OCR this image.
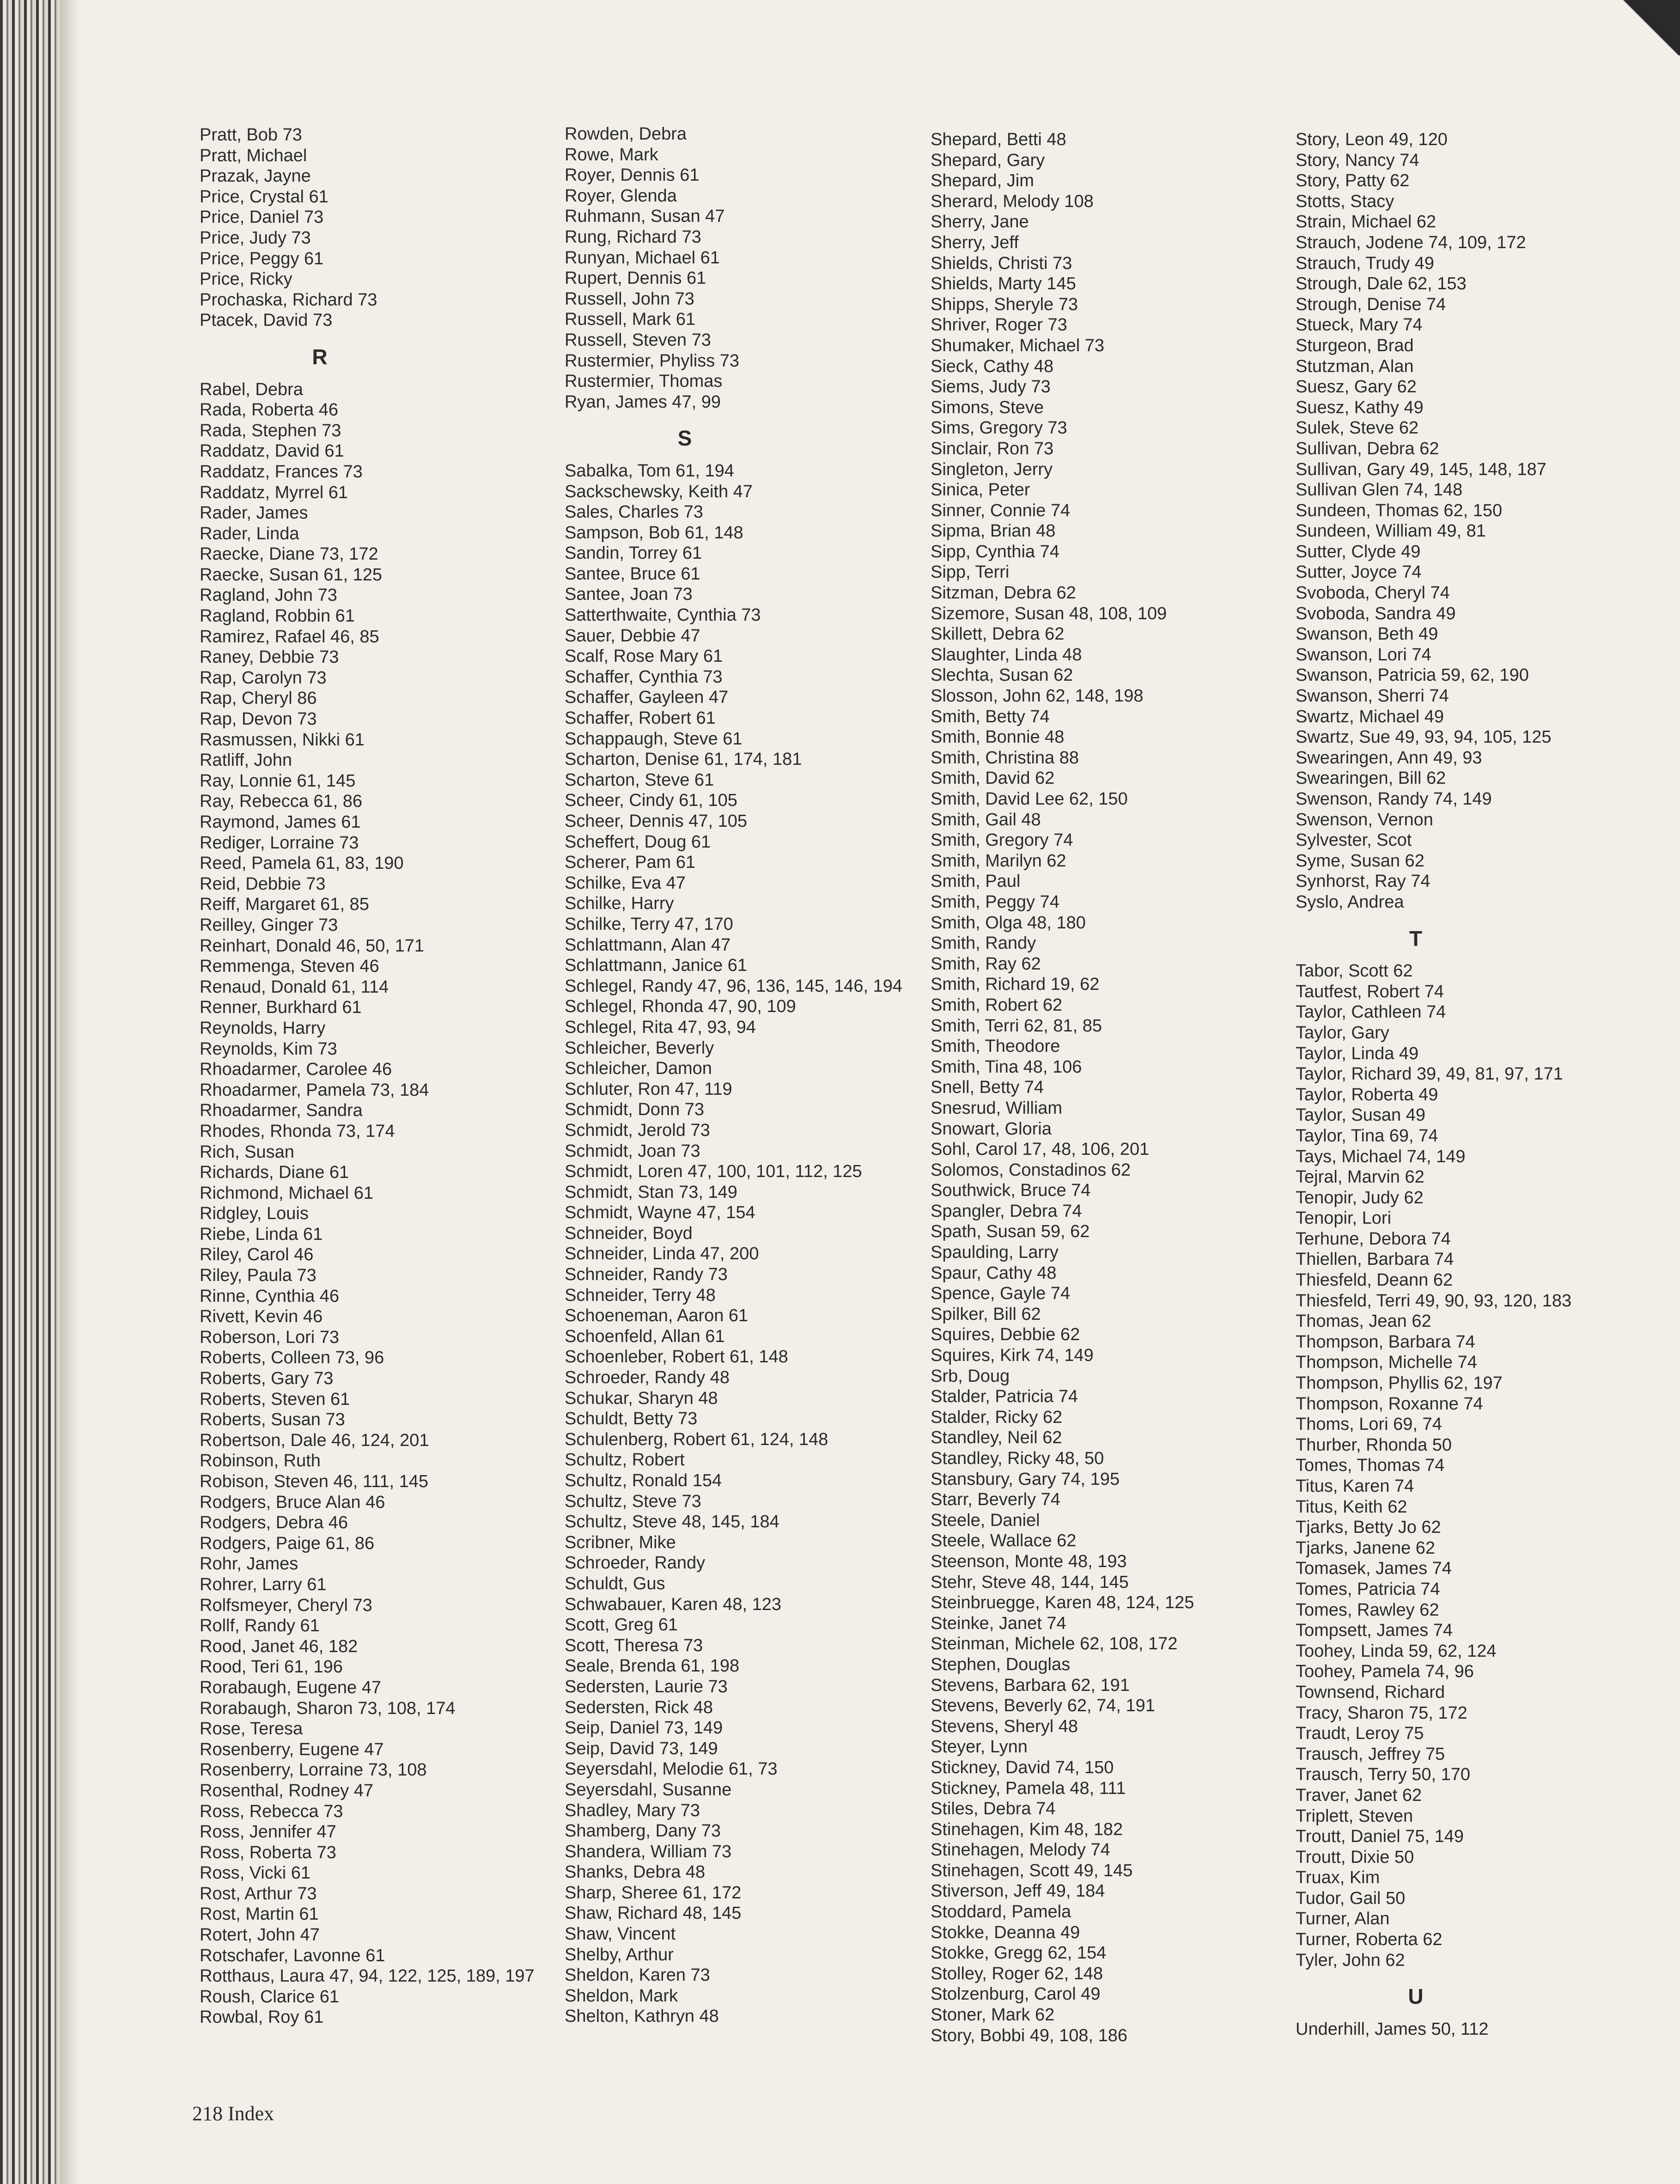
Pratt, Bob 73
Pratt, Michael
Prazak, Jayne
Price, Crystal 61
Price, Daniel 73
Price, Judy 73
Price, Peggy 61
Price, Ricky
Prochaska, Richard 73
Ptacek, David 73
R
Rabel, Debra
Rada, Roberta 46
Rada, Stephen 73
Raddatz, David 61
Raddatz, Frances 73
Raddatz, Myrrel 61
Rader, James
Rader, Linda
Raecke, Diane 73, 172
Raecke, Susan 61, 125
Ragland, John 73
Ragland, Robbin 61
Ramirez, Rafael 46, 85
Raney, Debbie 73
Rap, Carolyn 73
Rap, Cheryl 86
Rap, Devon 73
Rasmussen, Nikki 61
Ratliff, John
Ray, Lonnie 61, 145
Ray, Rebecca 61, 86
Raymond, James 61
Rediger, Lorraine 73
Reed, Pamela 61, 83, 190
Reid, Debbie 73
Reiff, Margaret 61, 85
Reilley, Ginger 73
Reinhart, Donald 46, 50, 171
Remmenga, Steven 46
Renaud, Donald 61, 114
Renner, Burkhard 61
Reynolds, Harry
Reynolds, Kim 73
Rhoadarmer, Carolee 46
Rhoadarmer, Pamela 73, 184
Rhoadarmer, Sandra
Rhodes, Rhonda 73, 174
Rich, Susan
Richards, Diane 61
Richmond, Michael 61
Ridgley, Louis
Riebe, Linda 61
Riley, Carol 46
Riley, Paula 73
Rinne, Cynthia 46
Rivett, Kevin 46
Roberson, Lori 73
Roberts, Colleen 73, 96
Roberts, Gary 73
Roberts, Steven 61
Roberts, Susan 73
Robertson, Dale 46, 124, 201
Robinson, Ruth
Robison, Steven 46, 111, 145
Rodgers, Bruce Alan 46
Rodgers, Debra 46
Rodgers, Paige 61, 86
Rohr, James
Rohrer, Larry 61
Rolfsmeyer, Cheryl 73
Rollf, Randy 61
Rood, Janet 46, 182
Rood, Teri 61, 196
Rorabaugh, Eugene 47
Rorabaugh, Sharon 73, 108, 174
Rose, Teresa
Rosenberry, Eugene 47
Rosenberry, Lorraine 73, 108
Rosenthal, Rodney 47
Ross, Rebecca 73
Ross, Jennifer 47
Ross, Roberta 73
Ross, Vicki 61
Rost, Arthur 73
Rost, Martin 61
Rotert, John 47
Rotschafer, Lavonne 61
Rotthaus, Laura 47, 94, 122, 125, 189, 197
Roush, Clarice 61
Rowbal, Roy 61
Rowden, Debra
Rowe, Mark
Royer, Dennis 61
Royer, Glenda
Ruhmann, Susan 47
Rung, Richard 73
Runyan, Michael 61
Rupert, Dennis 61
Russell, John 73
Russell, Mark 61
Russell, Steven 73
Rustermier, Phyliss 73
Rustermier, Thomas
Ryan, James 47, 99
S
Sabalka, Tom 61, 194
Sackschewsky, Keith 47
Sales, Charles 73
Sampson, Bob 61, 148
Sandin, Torrey 61
Santee, Bruce 61
Santee, Joan 73
Satterthwaite, Cynthia 73
Sauer, Debbie 47
Scalf, Rose Mary 61
Schaffer, Cynthia 73
Schaffer, Gayleen 47
Schaffer, Robert 61
Schappaugh, Steve 61
Scharton, Denise 61, 174, 181
Scharton, Steve 61
Scheer, Cindy 61, 105
Scheer, Dennis 47, 105
Scheffert, Doug 61
Scherer, Pam 61
Schilke, Eva 47
Schilke, Harry
Schilke, Terry 47, 170
Schlattmann, Alan 47
Schlattmann, Janice 61
Schlegel, Randy 47, 96, 136, 145, 146, 194
Schlegel, Rhonda 47, 90, 109
Schlegel, Rita 47, 93, 94
Schleicher, Beverly
Schleicher, Damon
Schluter, Ron 47, 119
Schmidt, Donn 73
Schmidt, Jerold 73
Schmidt, Joan 73
Schmidt, Loren 47, 100, 101, 112, 125
Schmidt, Stan 73, 149
Schmidt, Wayne 47, 154
Schneider, Boyd
Schneider, Linda 47, 200
Schneider, Randy 73
Schneider, Terry 48
Schoeneman, Aaron 61
Schoenfeld, Allan 61
Schoenleber, Robert 61, 148
Schroeder, Randy 48
Schukar, Sharyn 48
Schuldt, Betty 73
Schulenberg, Robert 61, 124, 148
Schultz, Robert
Schultz, Ronald 154
Schultz, Steve 73
Schultz, Steve 48, 145, 184
Scribner, Mike
Schroeder, Randy
Schuldt, Gus
Schwabauer, Karen 48, 123
Scott, Greg 61
Scott, Theresa 73
Seale, Brenda 61, 198
Sedersten, Laurie 73
Sedersten, Rick 48
Seip, Daniel 73, 149
Seip, David 73, 149
Seyersdahl, Melodie 61, 73
Seyersdahl, Susanne
Shadley, Mary 73
Shamberg, Dany 73
Shandera, William 73
Shanks, Debra 48
Sharp, Sheree 61, 172
Shaw, Richard 48, 145
Shaw, Vincent
Shelby, Arthur
Sheldon, Karen 73
Sheldon, Mark
Shelton, Kathryn 48
Shepard, Betti 48
Shepard, Gary
Shepard, Jim
Sherard, Melody 108
Sherry, Jane
Sherry, Jeff
Shields, Christi 73
Shields, Marty 145
Shipps, Sheryle 73
Shriver, Roger 73
Shumaker, Michael 73
Sieck, Cathy 48
Siems, Judy 73
Simons, Steve
Sims, Gregory 73
Sinclair, Ron 73
Singleton, Jerry
Sinica, Peter
Sinner, Connie 74
Sipma, Brian 48
Sipp, Cynthia 74
Sipp, Terri
Sitzman, Debra 62
Sizemore, Susan 48, 108, 109
Skillett, Debra 62
Slaughter, Linda 48
Slechta, Susan 62
Slosson, John 62, 148, 198
Smith, Betty 74
Smith, Bonnie 48
Smith, Christina 88
Smith, David 62
Smith, David Lee 62, 150
Smith, Gail 48
Smith, Gregory 74
Smith, Marilyn 62
Smith, Paul
Smith, Peggy 74
Smith, Olga 48, 180
Smith, Randy
Smith, Ray 62
Smith, Richard 19, 62
Smith, Robert 62
Smith, Terri 62, 81, 85
Smith, Theodore
Smith, Tina 48, 106
Snell, Betty 74
Snesrud, William
Snowart, Gloria
Sohl, Carol 17, 48, 106, 201
Solomos, Constadinos 62
Southwick, Bruce 74
Spangler, Debra 74
Spath, Susan 59, 62
Spaulding, Larry
Spaur, Cathy 48
Spence, Gayle 74
Spilker, Bill 62
Squires, Debbie 62
Squires, Kirk 74, 149
Srb, Doug
Stalder, Patricia 74
Stalder, Ricky 62
Standley, Neil 62
Standley, Ricky 48, 50
Stansbury, Gary 74, 195
Starr, Beverly 74
Steele, Daniel
Steele, Wallace 62
Steenson, Monte 48, 193
Stehr, Steve 48, 144, 145
Steinbruegge, Karen 48, 124, 125
Steinke, Janet 74
Steinman, Michele 62, 108, 172
Stephen, Douglas
Stevens, Barbara 62, 191
Stevens, Beverly 62, 74, 191
Stevens, Sheryl 48
Steyer, Lynn
Stickney, David 74, 150
Stickney, Pamela 48, 111
Stiles, Debra 74
Stinehagen, Kim 48, 182
Stinehagen, Melody 74
Stinehagen, Scott 49, 145
Stiverson, Jeff 49, 184
Stoddard, Pamela
Stokke, Deanna 49
Stokke, Gregg 62, 154
Stolley, Roger 62, 148
Stolzenburg, Carol 49
Stoner, Mark 62
Story, Bobbi 49, 108, 186
Story, Leon 49, 120
Story, Nancy 74
Story, Patty 62
Stotts, Stacy
Strain, Michael 62
Strauch, Jodene 74, 109, 172
Strauch, Trudy 49
Strough, Dale 62, 153
Strough, Denise 74
Stueck, Mary 74
Sturgeon, Brad
Stutzman, Alan
Suesz, Gary 62
Suesz, Kathy 49
Sulek, Steve 62
Sullivan, Debra 62
Sullivan, Gary 49, 145, 148, 187
Sullivan Glen 74, 148
Sundeen, Thomas 62, 150
Sundeen, William 49, 81
Sutter, Clyde 49
Sutter, Joyce 74
Svoboda, Cheryl 74
Svoboda, Sandra 49
Swanson, Beth 49
Swanson, Lori 74
Swanson, Patricia 59, 62, 190
Swanson, Sherri 74
Swartz, Michael 49
Swartz, Sue 49, 93, 94, 105, 125
Swearingen, Ann 49, 93
Swearingen, Bill 62
Swenson, Randy 74, 149
Swenson, Vernon
Sylvester, Scot
Syme, Susan 62
Synhorst, Ray 74
Syslo, Andrea
T
Tabor, Scott 62
Tautfest, Robert 74
Taylor, Cathleen 74
Taylor, Gary
Taylor, Linda 49
Taylor, Richard 39, 49, 81, 97, 171
Taylor, Roberta 49
Taylor, Susan 49
Taylor, Tina 69, 74
Tays, Michael 74, 149
Tejral, Marvin 62
Tenopir, Judy 62
Tenopir, Lori
Terhune, Debora 74
Thiellen, Barbara 74
Thiesfeld, Deann 62
Thiesfeld, Terri 49, 90, 93, 120, 183
Thomas, Jean 62
Thompson, Barbara 74
Thompson, Michelle 74
Thompson, Phyllis 62, 197
Thompson, Roxanne 74
Thoms, Lori 69, 74
Thurber, Rhonda 50
Tomes, Thomas 74
Titus, Karen 74
Titus, Keith 62
Tjarks, Betty Jo 62
Tjarks, Janene 62
Tomasek, James 74
Tomes, Patricia 74
Tomes, Rawley 62
Tompsett, James 74
Toohey, Linda 59, 62, 124
Toohey, Pamela 74, 96
Townsend, Richard
Tracy, Sharon 75, 172
Traudt, Leroy 75
Trausch, Jeffrey 75
Trausch, Terry 50, 170
Traver, Janet 62
Triplett, Steven
Troutt, Daniel 75, 149
Troutt, Dixie 50
Truax, Kim
Tudor, Gail 50
Turner, Alan
Turner, Roberta 62
Tyler, John 62
U
Underhill, James 50, 112
218 Index
